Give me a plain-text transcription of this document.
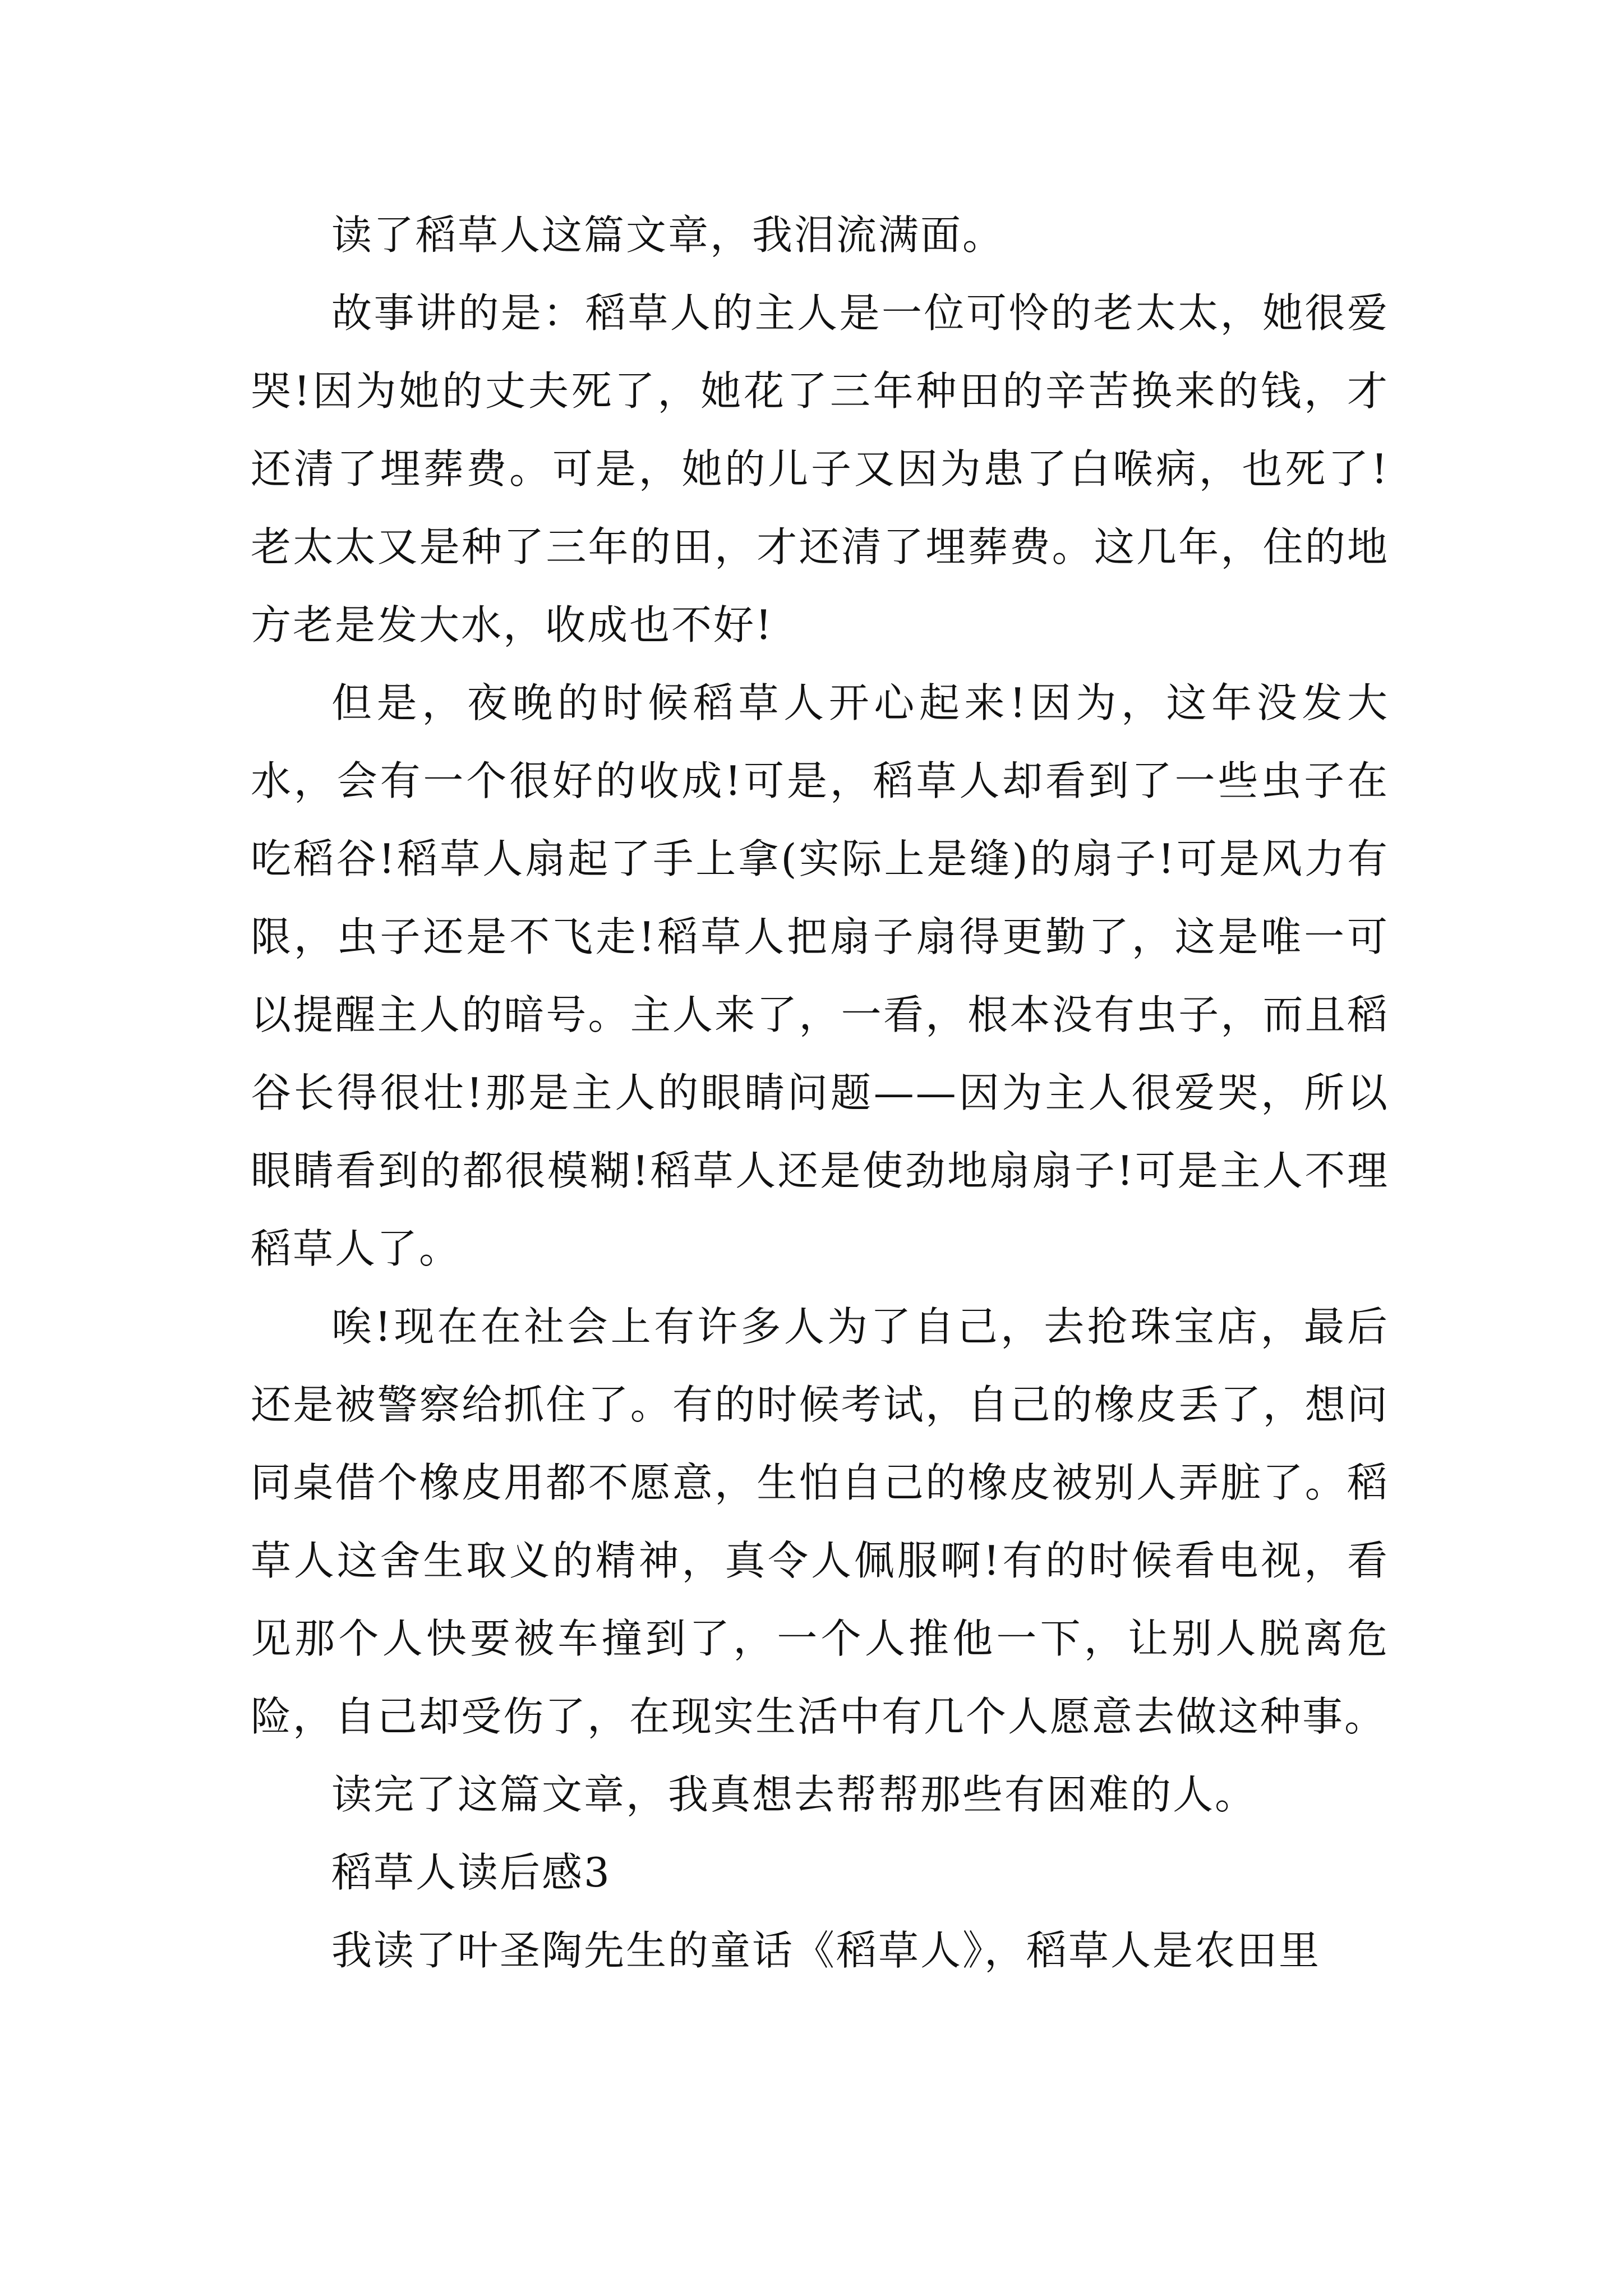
读了稻草人这篇文章，我泪流满面。

故事讲的是：稻草人的主人是一位可怜的老太太，她很爱哭!因为她的丈夫死了，她花了三年种田的辛苦换来的钱，才还清了埋葬费。可是，她的儿子又因为患了白喉病，也死了!老太太又是种了三年的田，才还清了埋葬费。这几年，住的地方老是发大水，收成也不好!

但是，夜晚的时候稻草人开心起来!因为，这年没发大水，会有一个很好的收成!可是，稻草人却看到了一些虫子在吃稻谷!稻草人扇起了手上拿(实际上是缝)的扇子!可是风力有限，虫子还是不飞走!稻草人把扇子扇得更勤了，这是唯一可以提醒主人的暗号。主人来了，一看，根本没有虫子，而且稻谷长得很壮!那是主人的眼睛问题——因为主人很爱哭，所以眼睛看到的都很模糊!稻草人还是使劲地扇扇子!可是主人不理稻草人了。

唉!现在在社会上有许多人为了自己，去抢珠宝店，最后还是被警察给抓住了。有的时候考试，自己的橡皮丢了，想问同桌借个橡皮用都不愿意，生怕自己的橡皮被别人弄脏了。稻草人这舍生取义的精神，真令人佩服啊!有的时候看电视，看见那个人快要被车撞到了，一个人推他一下，让别人脱离危险，自己却受伤了，在现实生活中有几个人愿意去做这种事。

读完了这篇文章，我真想去帮帮那些有困难的人。

稻草人读后感3

我读了叶圣陶先生的童话《稻草人》，稻草人是农田里
